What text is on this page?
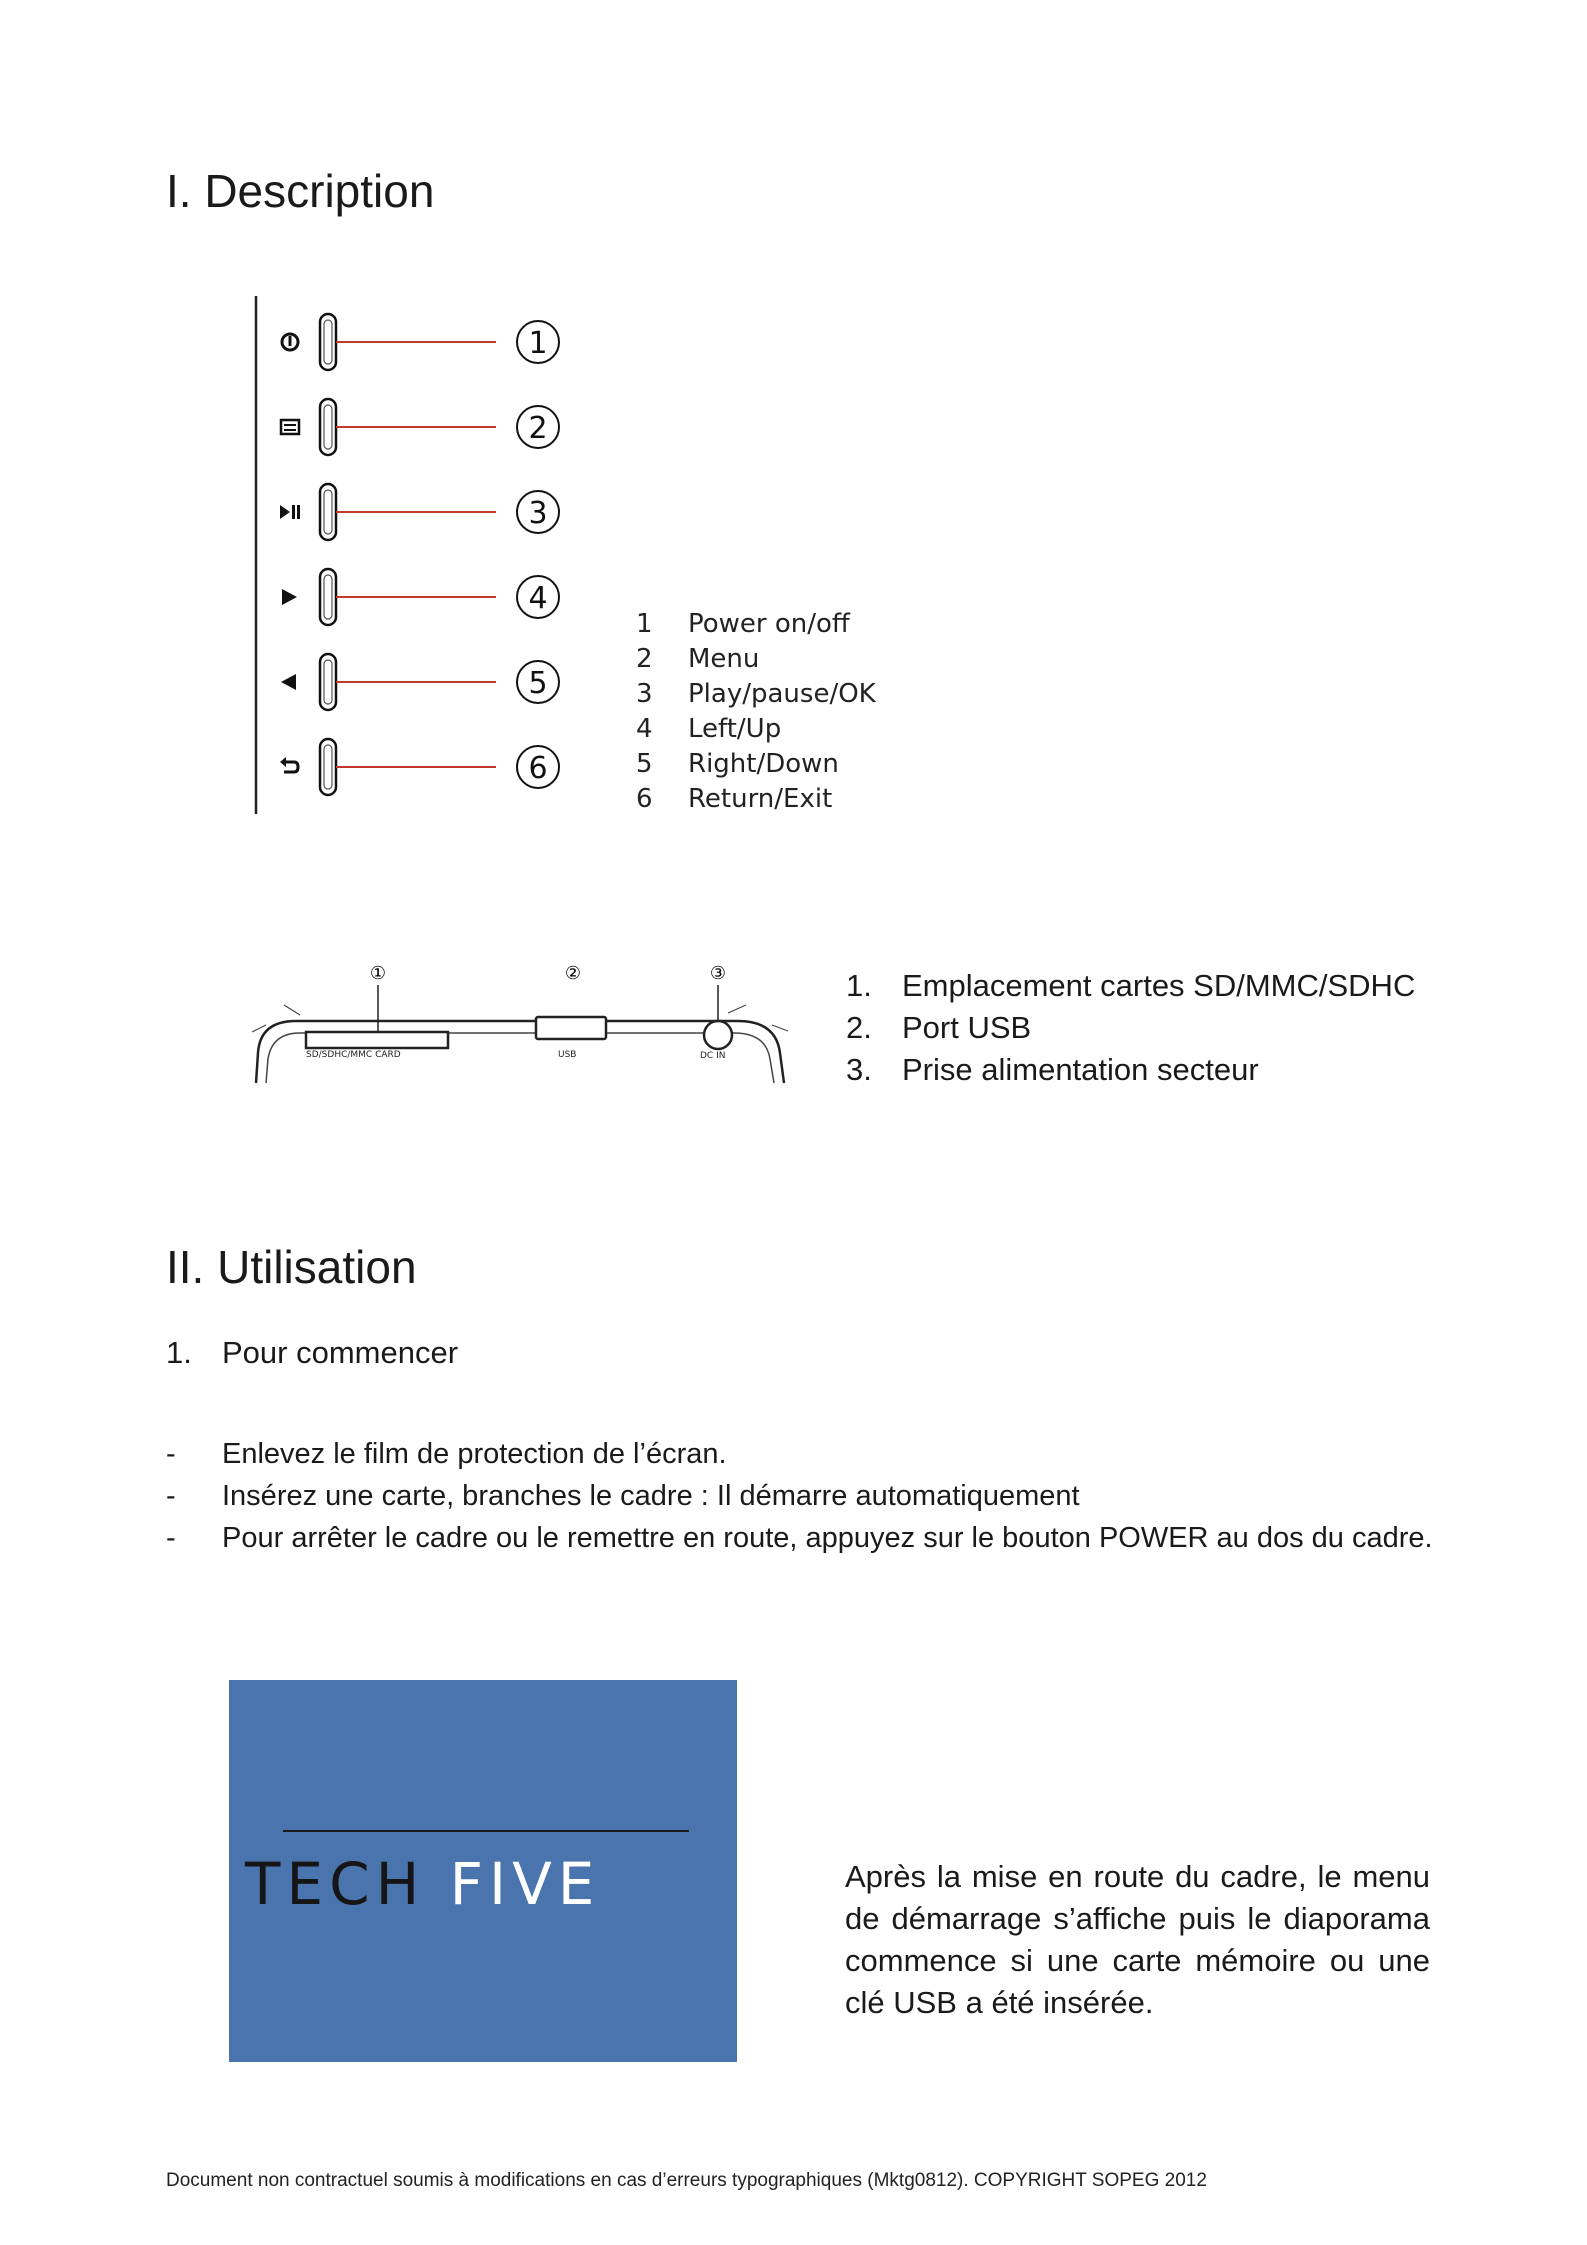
I. Description
1
2
3
4
5
6
1 Power on/off
2 Menu
3 Play/pause/OK
4 Left/Up
5 Right/Down
6 Return/Exit
①	②	③
SD/SDHC/MMC CARD	USB	DC IN
1. Emplacement cartes SD/MMC/SDHC
2. Port USB
3. Prise alimentation secteur
II. Utilisation
1. Pour commencer
- Enlevez le film de protection de l’écran.
- Insérez une carte, branches le cadre : Il démarre automatiquement
- Pour arrêter le cadre ou le remettre en route, appuyez sur le bouton POWER au dos du cadre.
TECH FIVE	Après la mise en route du cadre, le menu de démarrage s’affiche puis le diaporama commence si une carte mémoire ou une clé USB a été insérée.
Document non contractuel soumis à modifications en cas d’erreurs typographiques (Mktg0812). COPYRIGHT SOPEG 2012
